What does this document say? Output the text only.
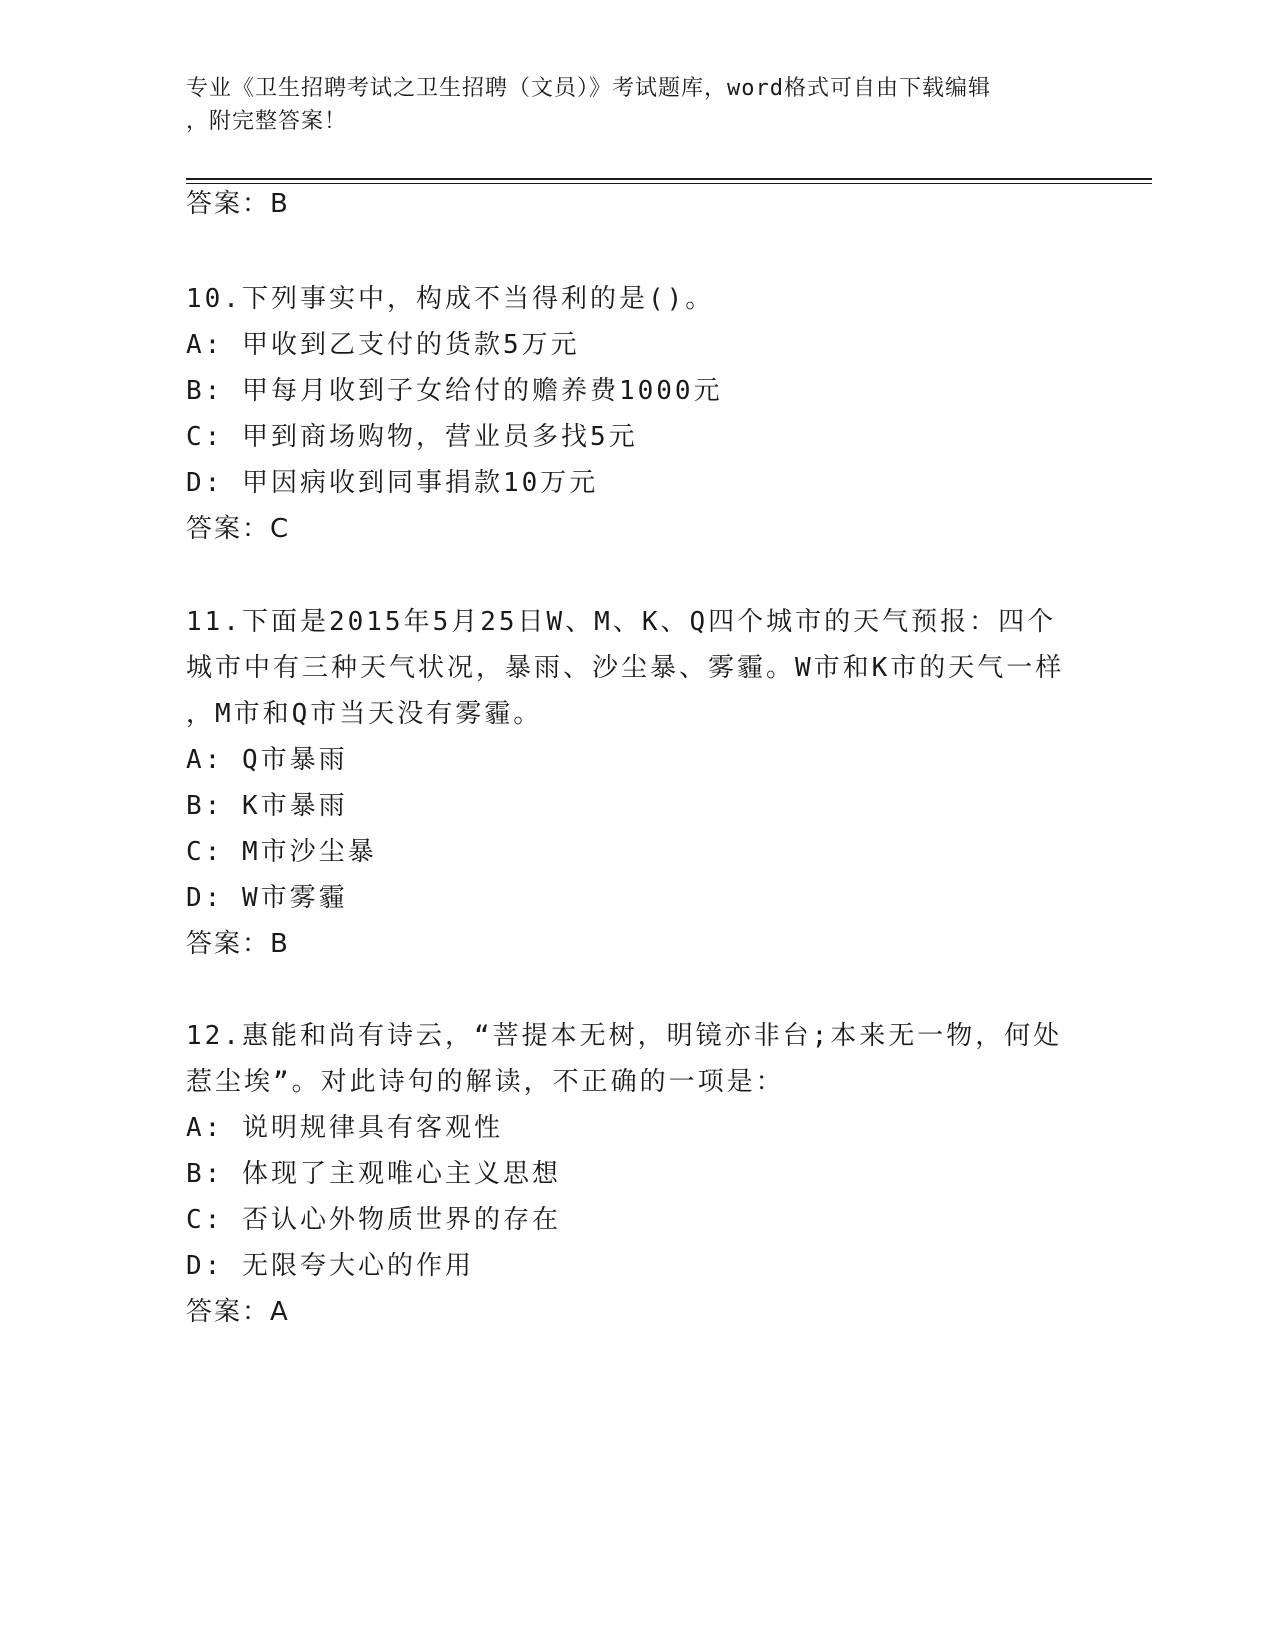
专业《卫生招聘考试之卫生招聘（文员）》考试题库，word格式可自由下载编辑
，附完整答案！
答案：B

10.下列事实中，构成不当得利的是()。

A: 甲收到乙支付的货款5万元

B: 甲每月收到子女给付的赡养费1000元

C: 甲到商场购物，营业员多找5元

D: 甲因病收到同事捐款10万元

答案：C

11.下面是2015年5月25日W、M、K、Q四个城市的天气预报：四个

城市中有三种天气状况，暴雨、沙尘暴、雾霾。W市和K市的天气一样

，M市和Q市当天没有雾霾。

A: Q市暴雨

B: K市暴雨

C: M市沙尘暴

D: W市雾霾

答案：B

12.惠能和尚有诗云，“菩提本无树，明镜亦非台;本来无一物，何处

惹尘埃”。对此诗句的解读，不正确的一项是：

A: 说明规律具有客观性

B: 体现了主观唯心主义思想

C: 否认心外物质世界的存在

D: 无限夸大心的作用

答案：A
